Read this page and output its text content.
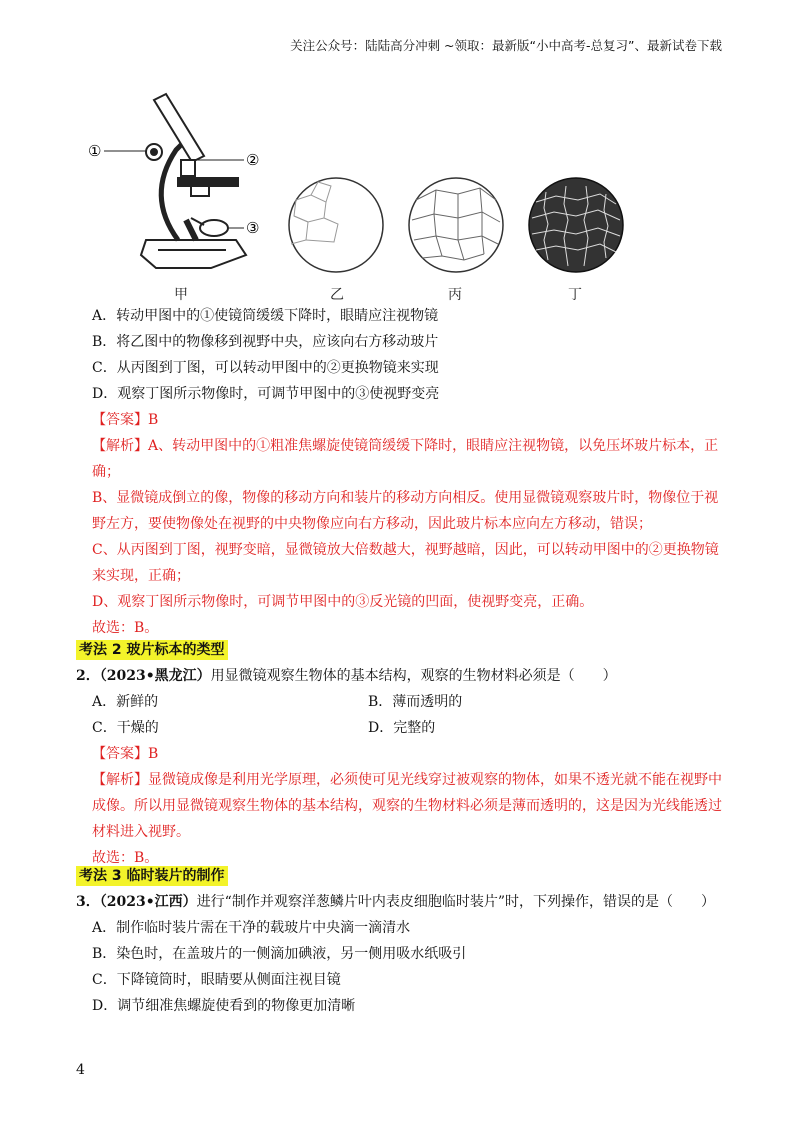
关注公众号：陆陆高分冲刺 ~领取：最新版“小中高考-总复习”、最新试卷下载
①	②
③
甲	乙	丙	丁
A．转动甲图中的①使镜筒缓缓下降时，眼睛应注视物镜
B．将乙图中的物像移到视野中央，应该向右方移动玻片
C．从丙图到丁图，可以转动甲图中的②更换物镜来实现
D．观察丁图所示物像时，可调节甲图中的③使视野变亮
【答案】B
【解析】A、转动甲图中的①粗准焦螺旋使镜筒缓缓下降时，眼睛应注视物镜，以免压坏玻片标本，正
确；
B、显微镜成倒立的像，物像的移动方向和装片的移动方向相反。使用显微镜观察玻片时，物像位于视
野左方，要使物像处在视野的中央物像应向右方移动，因此玻片标本应向左方移动，错误；
C、从丙图到丁图，视野变暗，显微镜放大倍数越大，视野越暗，因此，可以转动甲图中的②更换物镜
来实现，正确；
D、观察丁图所示物像时，可调节甲图中的③反光镜的凹面，使视野变亮，正确。
故选：B。
考法 2 玻片标本的类型
2．（2023•黑龙江）用显微镜观察生物体的基本结构，观察的生物材料必须是（　　）
A．新鲜的	B．薄而透明的
C．干燥的	D．完整的
【答案】B
【解析】显微镜成像是利用光学原理，必须使可见光线穿过被观察的物体，如果不透光就不能在视野中
成像。所以用显微镜观察生物体的基本结构，观察的生物材料必须是薄而透明的，这是因为光线能透过
材料进入视野。
故选：B。
考法 3 临时装片的制作
3．（2023•江西）进行“制作并观察洋葱鳞片叶内表皮细胞临时装片”时，下列操作，错误的是（　　）
A．制作临时装片需在干净的载玻片中央滴一滴清水
B．染色时，在盖玻片的一侧滴加碘液，另一侧用吸水纸吸引
C．下降镜筒时，眼睛要从侧面注视目镜
D．调节细准焦螺旋使看到的物像更加清晰
4
